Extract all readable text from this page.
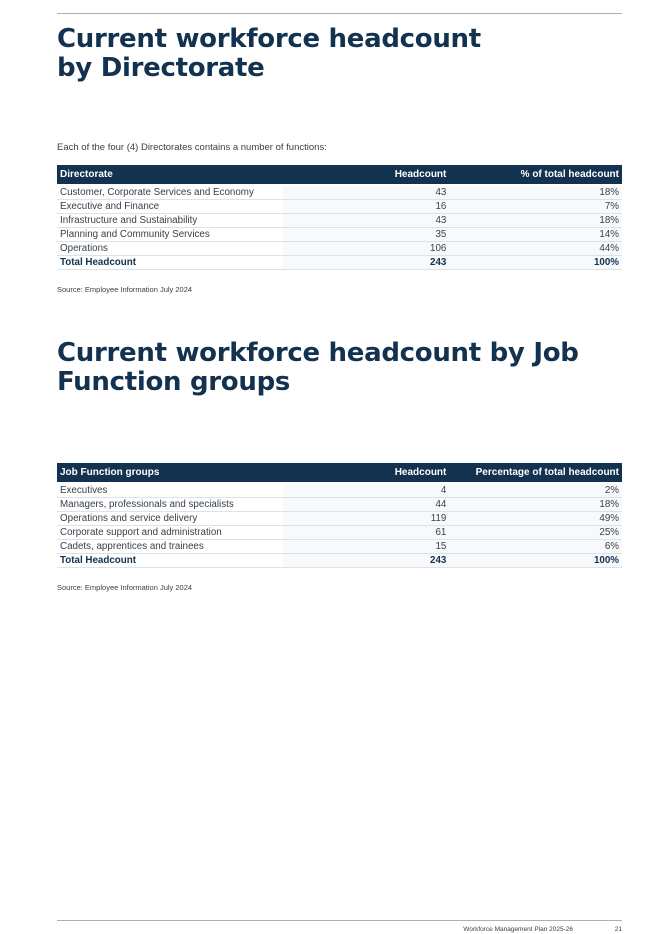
Current workforce headcount
by Directorate

Each of the four (4) Directorates contains a number of functions:

Directorate	Headcount	% of total headcount
Customer, Corporate Services and Economy	43	18%
Executive and Finance	16	7%
Infrastructure and Sustainability	43	18%
Planning and Community Services	35	14%
Operations	106	44%
Total Headcount	243	100%

Source: Employee Information July 2024

Current workforce headcount by Job
Function groups
Job Function groups	Headcount	Percentage of total headcount
Executives	4	2%
Managers, professionals and specialists	44	18%
Operations and service delivery	119	49%
Corporate support and administration	61	25%
Cadets, apprentices and trainees	15	6%
Total Headcount	243	100%

Source: Employee Information July 2024

Workforce Management Plan 2025-26	21
